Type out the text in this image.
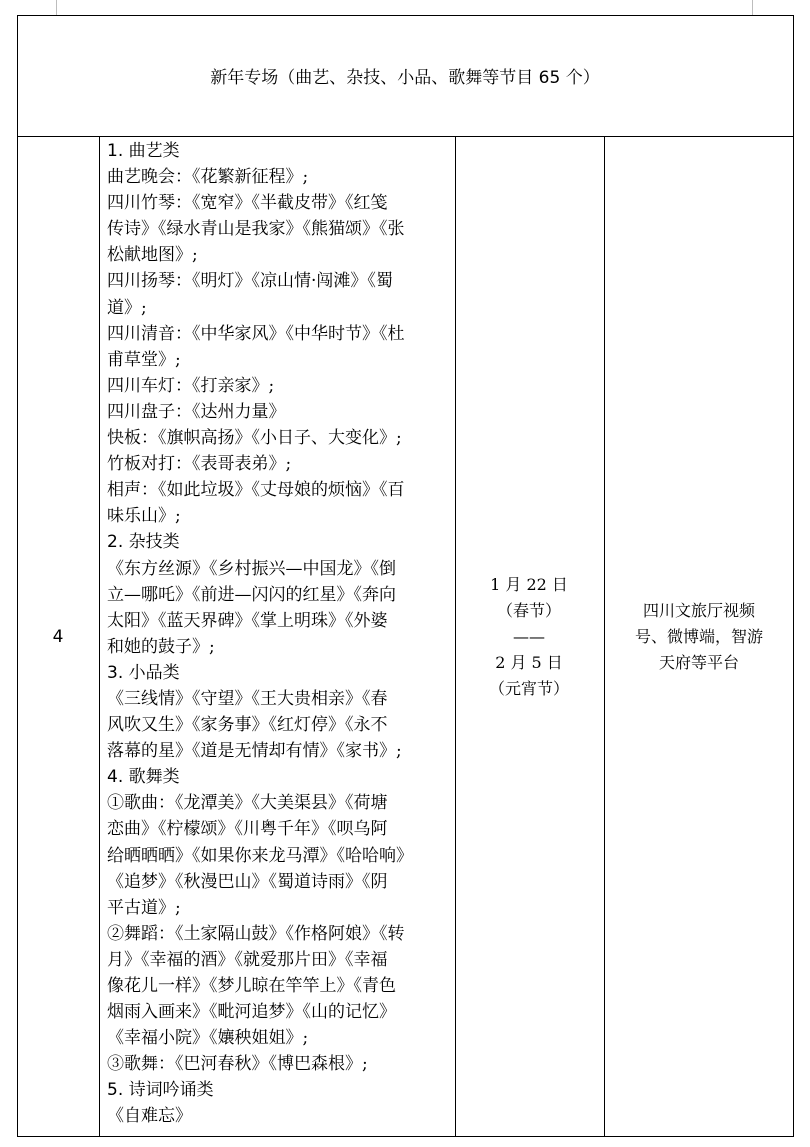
新年专场（曲艺、杂技、小品、歌舞等节目 65 个）
4
1. 曲艺类
曲艺晚会：《花繁新征程》;
四川竹琴：《宽窄》《半截皮带》《红笺
传诗》《绿水青山是我家》《熊猫颂》《张
松献地图》;
四川扬琴：《明灯》《凉山情·闯滩》《蜀
道》;
四川清音：《中华家风》《中华时节》《杜
甫草堂》;
四川车灯：《打亲家》;
四川盘子：《达州力量》
快板：《旗帜高扬》《小日子、大变化》;
竹板对打：《表哥表弟》;
相声：《如此垃圾》《丈母娘的烦恼》《百
味乐山》;
2. 杂技类
《东方丝源》《乡村振兴—中国龙》《倒
立—哪吒》《前进—闪闪的红星》《奔向
太阳》《蓝天界碑》《掌上明珠》《外婆
和她的鼓子》;
3. 小品类
《三线情》《守望》《王大贵相亲》《春
风吹又生》《家务事》《红灯停》《永不
落幕的星》《道是无情却有情》《家书》;
4. 歌舞类
①歌曲：《龙潭美》《大美渠县》《荷塘
恋曲》《柠檬颂》《川粤千年》《呗乌阿
给晒晒晒》《如果你来龙马潭》《哈哈响》
《追梦》《秋漫巴山》《蜀道诗雨》《阴
平古道》;
②舞蹈：《土家隔山鼓》《作格阿娘》《转
月》《幸福的酒》《就爱那片田》《幸福
像花儿一样》《梦儿晾在竿竿上》《青色
烟雨入画来》《毗河追梦》《山的记忆》
《幸福小院》《孃秧姐姐》;
③歌舞：《巴河春秋》《博巴森根》;
5. 诗词吟诵类
《自难忘》
1 月 22 日
（春节）
——
2 月 5 日
（元宵节）
四川文旅厅视频
号、微博端，智游
天府等平台
